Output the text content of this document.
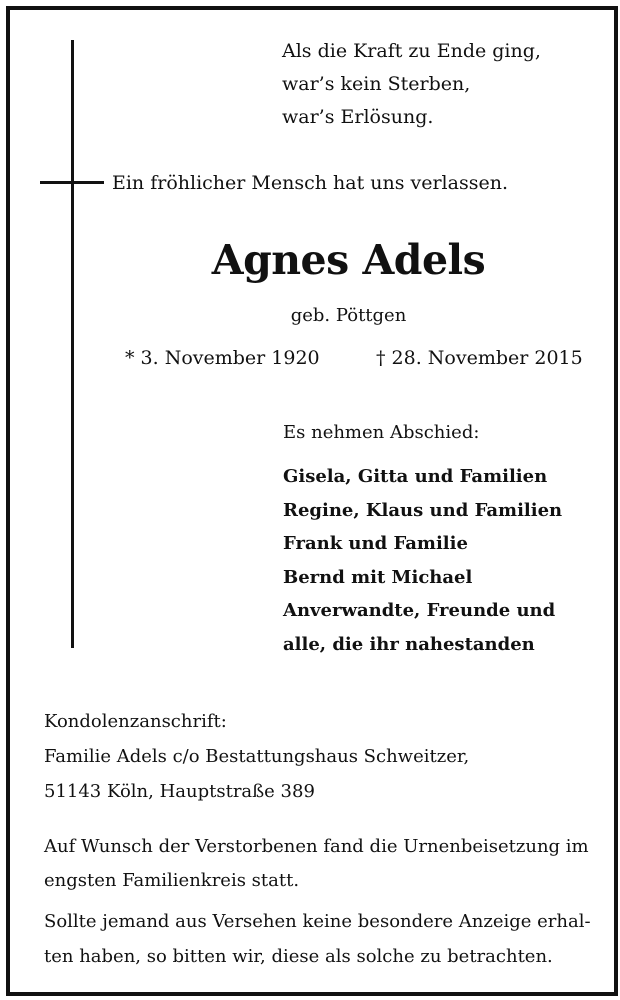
Als die Kraft zu Ende ging,
war’s kein Sterben,
war’s Erlösung.
Ein fröhlicher Mensch hat uns verlassen.
Agnes Adels
geb. Pöttgen
* 3. November 1920	† 28. November 2015
Es nehmen Abschied:
Gisela, Gitta und Familien
Regine, Klaus und Familien
Frank und Familie
Bernd mit Michael
Anverwandte, Freunde und
alle, die ihr nahestanden
Kondolenzanschrift:
Familie Adels c/o Bestattungshaus Schweitzer,
51143 Köln, Hauptstraße 389
Auf Wunsch der Verstorbenen fand die Urnenbeisetzung im
engsten Familienkreis statt.
Sollte jemand aus Versehen keine besondere Anzeige erhal-
ten haben, so bitten wir, diese als solche zu betrachten.
